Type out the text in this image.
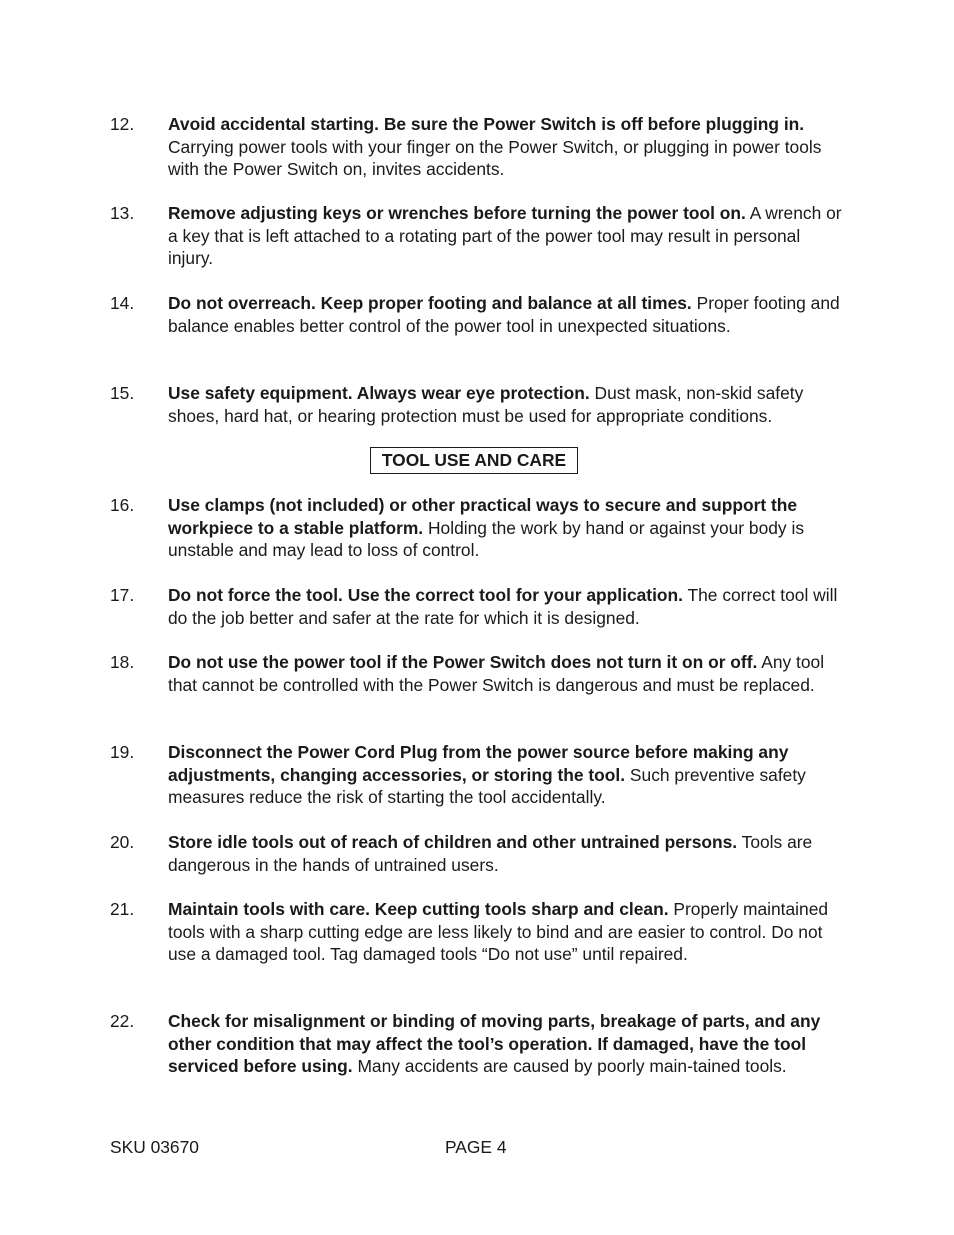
12.	Avoid accidental starting. Be sure the Power Switch is off before plugging in. Carrying power tools with your finger on the Power Switch, or plugging in power tools with the Power Switch on, invites accidents.
13.	Remove adjusting keys or wrenches before turning the power tool on. A wrench or a key that is left attached to a rotating part of the power tool may result in personal injury.
14.	Do not overreach. Keep proper footing and balance at all times. Proper footing and balance enables better control of the power tool in unexpected situations.
15.	Use safety equipment. Always wear eye protection. Dust mask, non-skid safety shoes, hard hat, or hearing protection must be used for appropriate conditions.
TOOL USE AND CARE
16.	Use clamps (not included) or other practical ways to secure and support the workpiece to a stable platform. Holding the work by hand or against your body is unstable and may lead to loss of control.
17.	Do not force the tool. Use the correct tool for your application. The correct tool will do the job better and safer at the rate for which it is designed.
18.	Do not use the power tool if the Power Switch does not turn it on or off. Any tool that cannot be controlled with the Power Switch is dangerous and must be replaced.
19.	Disconnect the Power Cord Plug from the power source before making any adjustments, changing accessories, or storing the tool. Such preventive safety measures reduce the risk of starting the tool accidentally.
20.	Store idle tools out of reach of children and other untrained persons. Tools are dangerous in the hands of untrained users.
21.	Maintain tools with care. Keep cutting tools sharp and clean. Properly maintained tools with a sharp cutting edge are less likely to bind and are easier to control. Do not use a damaged tool. Tag damaged tools “Do not use” until repaired.
22.	Check for misalignment or binding of moving parts, breakage of parts, and any other condition that may affect the tool’s operation. If damaged, have the tool serviced before using. Many accidents are caused by poorly main-tained tools.
SKU 03670	PAGE 4
